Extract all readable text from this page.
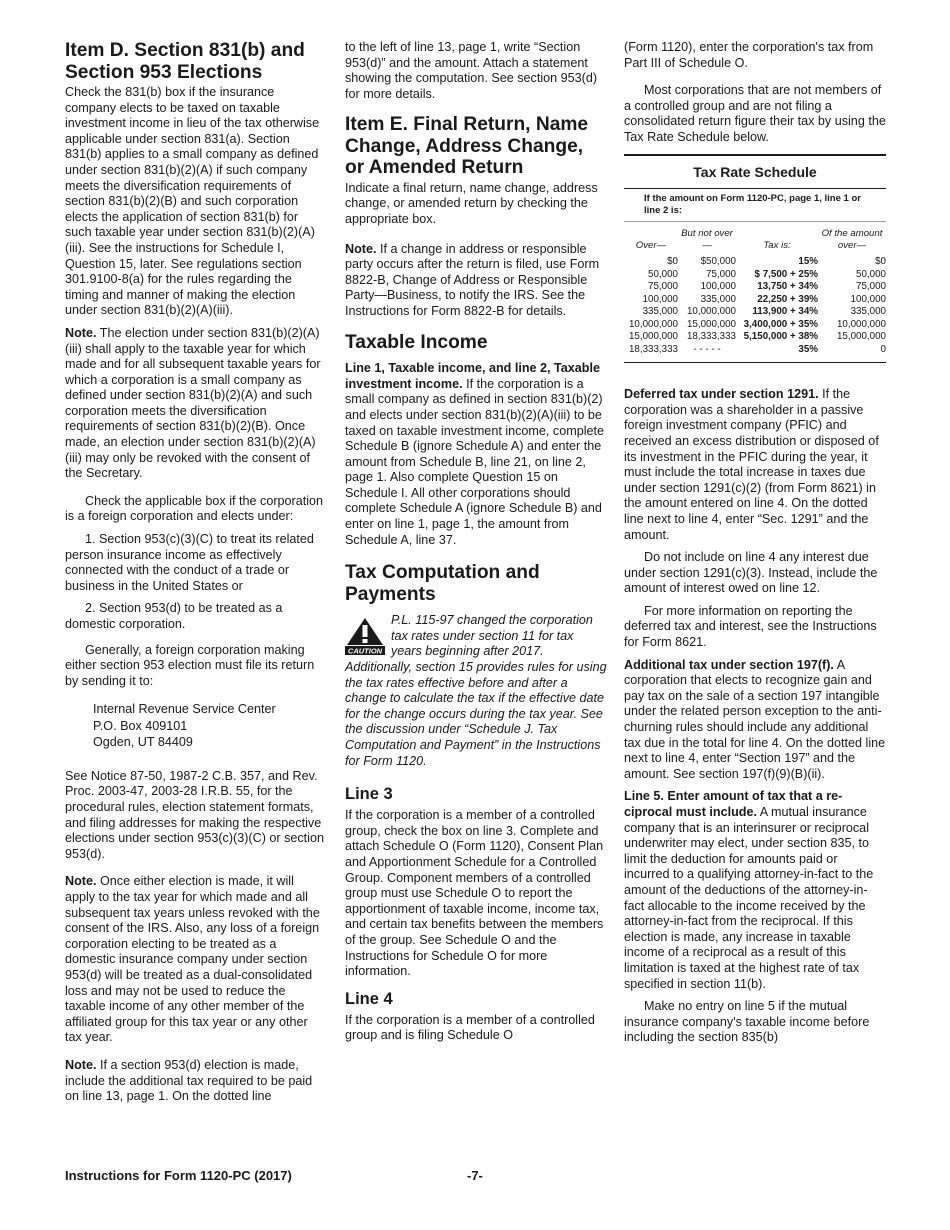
Item D. Section 831(b) and Section 953 Elections

Check the 831(b) box if the insurance company elects to be taxed on taxable investment income in lieu of the tax otherwise applicable under section 831(a). Section 831(b) applies to a small company as defined under section 831(b)(2)(A) if such company meets the diversification requirements of section 831(b)(2)(B) and such corporation elects the application of section 831(b) for such taxable year under section 831(b)(2)(A)(iii). See the instructions for Schedule I, Question 15, later. See regulations section 301.9100-8(a) for the rules regarding the timing and manner of making the election under section 831(b)(2)(A)(iii).

Note. The election under section 831(b)(2)(A)(iii) shall apply to the taxable year for which made and for all subsequent taxable years for which a corporation is a small company as defined under section 831(b)(2)(A) and such corporation meets the diversification requirements of section 831(b)(2)(B). Once made, an election under section 831(b)(2)(A)(iii) may only be revoked with the consent of the Secretary.

Check the applicable box if the corporation is a foreign corporation and elects under:

1. Section 953(c)(3)(C) to treat its related person insurance income as effectively connected with the conduct of a trade or business in the United States or

2. Section 953(d) to be treated as a domestic corporation.

Generally, a foreign corporation making either section 953 election must file its return by sending it to:

Internal Revenue Service Center
P.O. Box 409101
Ogden, UT 84409

See Notice 87-50, 1987-2 C.B. 357, and Rev. Proc. 2003-47, 2003-28 I.R.B. 55, for the procedural rules, election statement formats, and filing addresses for making the respective elections under section 953(c)(3)(C) or section 953(d).

Note. Once either election is made, it will apply to the tax year for which made and all subsequent tax years unless revoked with the consent of the IRS. Also, any loss of a foreign corporation electing to be treated as a domestic insurance company under section 953(d) will be treated as a dual-consolidated loss and may not be used to reduce the taxable income of any other member of the affiliated group for this tax year or any other tax year.

Note. If a section 953(d) election is made, include the additional tax required to be paid on line 13, page 1. On the dotted line

to the left of line 13, page 1, write “Section 953(d)” and the amount. Attach a statement showing the computation. See section 953(d) for more details.

Item E. Final Return, Name Change, Address Change, or Amended Return

Indicate a final return, name change, address change, or amended return by checking the appropriate box.

Note. If a change in address or responsible party occurs after the return is filed, use Form 8822-B, Change of Address or Responsible Party—Business, to notify the IRS. See the Instructions for Form 8822-B for details.

Taxable Income

Line 1, Taxable income, and line 2, Taxable investment income. If the corporation is a small company as defined in section 831(b)(2) and elects under section 831(b)(2)(A)(iii) to be taxed on taxable investment income, complete Schedule B (ignore Schedule A) and enter the amount from Schedule B, line 21, on line 2, page 1. Also complete Question 15 on Schedule I. All other corporations should complete Schedule A (ignore Schedule B) and enter on line 1, page 1, the amount from Schedule A, line 37.

Tax Computation and Payments
CAUTION
P.L. 115-97 changed the corporation tax rates under section 11 for tax years beginning after 2017. Additionally, section 15 provides rules for using the tax rates effective before and after a change to calculate the tax if the effective date for the change occurs during the tax year. See the discussion under “Schedule J. Tax Computation and Payment” in the Instructions for Form 1120.
Line 3

If the corporation is a member of a controlled group, check the box on line 3. Complete and attach Schedule O (Form 1120), Consent Plan and Apportionment Schedule for a Controlled Group. Component members of a controlled group must use Schedule O to report the apportionment of taxable income, income tax, and certain tax benefits between the members of the group. See Schedule O and the Instructions for Schedule O for more information.

Line 4

If the corporation is a member of a controlled group and is filing Schedule O

(Form 1120), enter the corporation's tax from Part III of Schedule O.

Most corporations that are not members of a controlled group and are not filing a consolidated return figure their tax by using the Tax Rate Schedule below.

Tax Rate Schedule
If the amount on Form 1120-PC, page 1, line 1 or line 2 is:
Over—	But not over —	Tax is:	Of the amount over—
$0	$50,000	15%	$0
50,000	75,000	$ 7,500 + 25%	50,000
75,000	100,000	13,750 + 34%	75,000
100,000	335,000	22,250 + 39%	100,000
335,000	10,000,000	113,900 + 34%	335,000
10,000,000	15,000,000	3,400,000 + 35%	10,000,000
15,000,000	18,333,333	5,150,000 + 38%	15,000,000
18,333,333	- - - - -	35%	0

Deferred tax under section 1291. If the corporation was a shareholder in a passive foreign investment company (PFIC) and received an excess distribution or disposed of its investment in the PFIC during the year, it must include the total increase in taxes due under section 1291(c)(2) (from Form 8621) in the amount entered on line 4. On the dotted line next to line 4, enter “Sec. 1291” and the amount.

Do not include on line 4 any interest due under section 1291(c)(3). Instead, include the amount of interest owed on line 12.

For more information on reporting the deferred tax and interest, see the Instructions for Form 8621.

Additional tax under section 197(f). A corporation that elects to recognize gain and pay tax on the sale of a section 197 intangible under the related person exception to the anti-churning rules should include any additional tax due in the total for line 4. On the dotted line next to line 4, enter “Section 197” and the amount. See section 197(f)(9)(B)(ii).

Line 5. Enter amount of tax that a re-ciprocal must include. A mutual insurance company that is an interinsurer or reciprocal underwriter may elect, under section 835, to limit the deduction for amounts paid or incurred to a qualifying attorney-in-fact to the amount of the deductions of the attorney-in-fact allocable to the income received by the attorney-in-fact from the reciprocal. If this election is made, any increase in taxable income of a reciprocal as a result of this limitation is taxed at the highest rate of tax specified in section 11(b).

Make no entry on line 5 if the mutual insurance company's taxable income before including the section 835(b)

Instructions for Form 1120-PC (2017)	-7-
